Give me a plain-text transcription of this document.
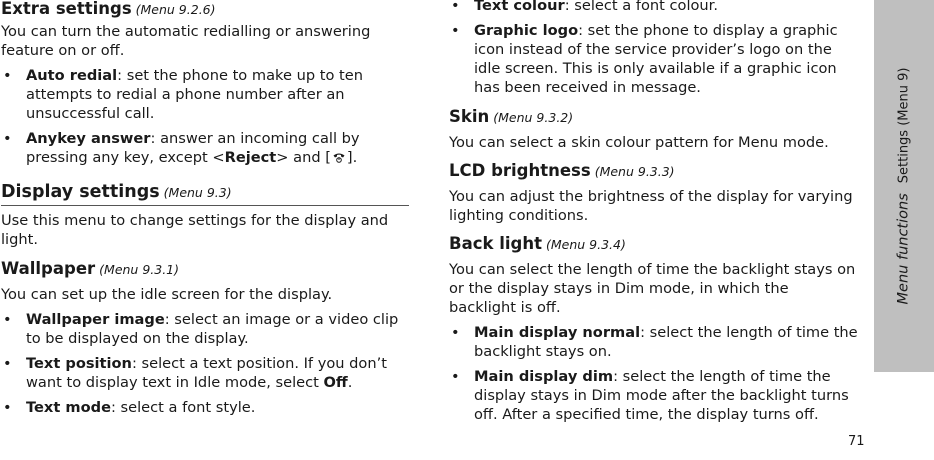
Extra settings (Menu 9.2.6)

You can turn the automatic redialling or answering feature on or off.

• Auto redial: set the phone to make up to ten attempts to redial a phone number after an unsuccessful call.

• Anykey answer: answer an incoming call by pressing any key, except <Reject> and [ ].

Display settings (Menu 9.3)

Use this menu to change settings for the display and light.

Wallpaper (Menu 9.3.1)

You can set up the idle screen for the display.

• Wallpaper image: select an image or a video clip to be displayed on the display.

• Text position: select a text position. If you don’t want to display text in Idle mode, select Off.

• Text mode: select a font style.

• Text colour: select a font colour.

• Graphic logo: set the phone to display a graphic icon instead of the service provider’s logo on the idle screen. This is only available if a graphic icon has been received in message.

Skin (Menu 9.3.2)

You can select a skin colour pattern for Menu mode.

LCD brightness (Menu 9.3.3)

You can adjust the brightness of the display for varying lighting conditions.

Back light (Menu 9.3.4)

You can select the length of time the backlight stays on or the display stays in Dim mode, in which the backlight is off.

• Main display normal: select the length of time the backlight stays on.

• Main display dim: select the length of time the display stays in Dim mode after the backlight turns off. After a specified time, the display turns off.

Menu functionsSettings (Menu 9)
71
